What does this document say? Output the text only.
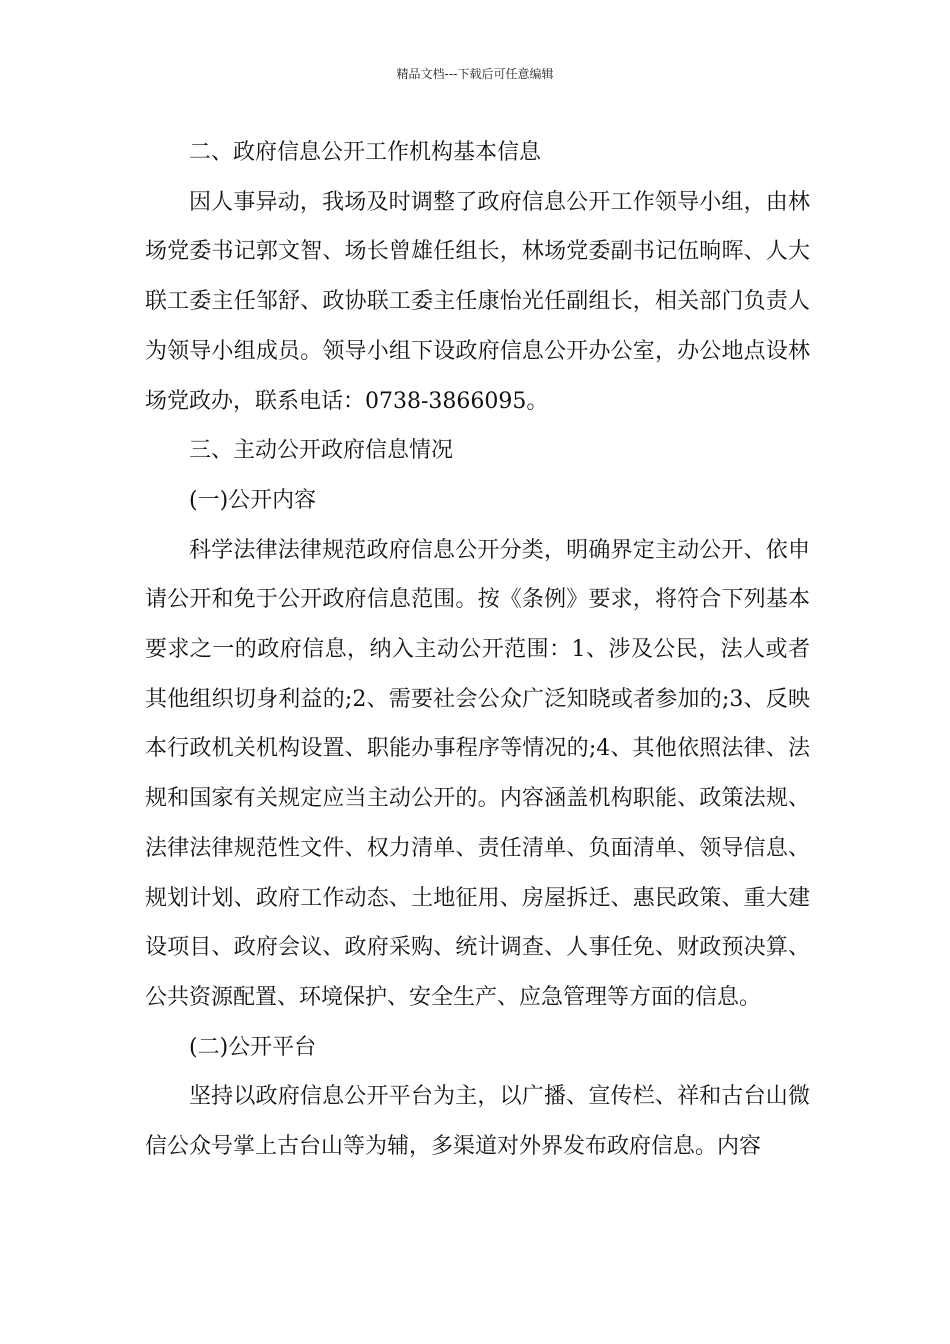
精品文档---下载后可任意编辑

二、政府信息公开工作机构基本信息

因人事异动，我场及时调整了政府信息公开工作领导小组，由林场党委书记郭文智、场长曾雄任组长，林场党委副书记伍晌晖、人大联工委主任邹舒、政协联工委主任康怡光任副组长，相关部门负责人为领导小组成员。领导小组下设政府信息公开办公室，办公地点设林场党政办，联系电话：0738-3866095。

三、主动公开政府信息情况

(一)公开内容

科学法律法律规范政府信息公开分类，明确界定主动公开、依申请公开和免于公开政府信息范围。按《条例》要求，将符合下列基本要求之一的政府信息，纳入主动公开范围：1、涉及公民，法人或者其他组织切身利益的;2、需要社会公众广泛知晓或者参加的;3、反映本行政机关机构设置、职能办事程序等情况的;4、其他依照法律、法规和国家有关规定应当主动公开的。内容涵盖机构职能、政策法规、法律法律规范性文件、权力清单、责任清单、负面清单、领导信息、规划计划、政府工作动态、土地征用、房屋拆迁、惠民政策、重大建设项目、政府会议、政府采购、统计调查、人事任免、财政预决算、公共资源配置、环境保护、安全生产、应急管理等方面的信息。

(二)公开平台

坚持以政府信息公开平台为主，以广播、宣传栏、祥和古台山微信公众号掌上古台山等为辅，多渠道对外界发布政府信息。内容
